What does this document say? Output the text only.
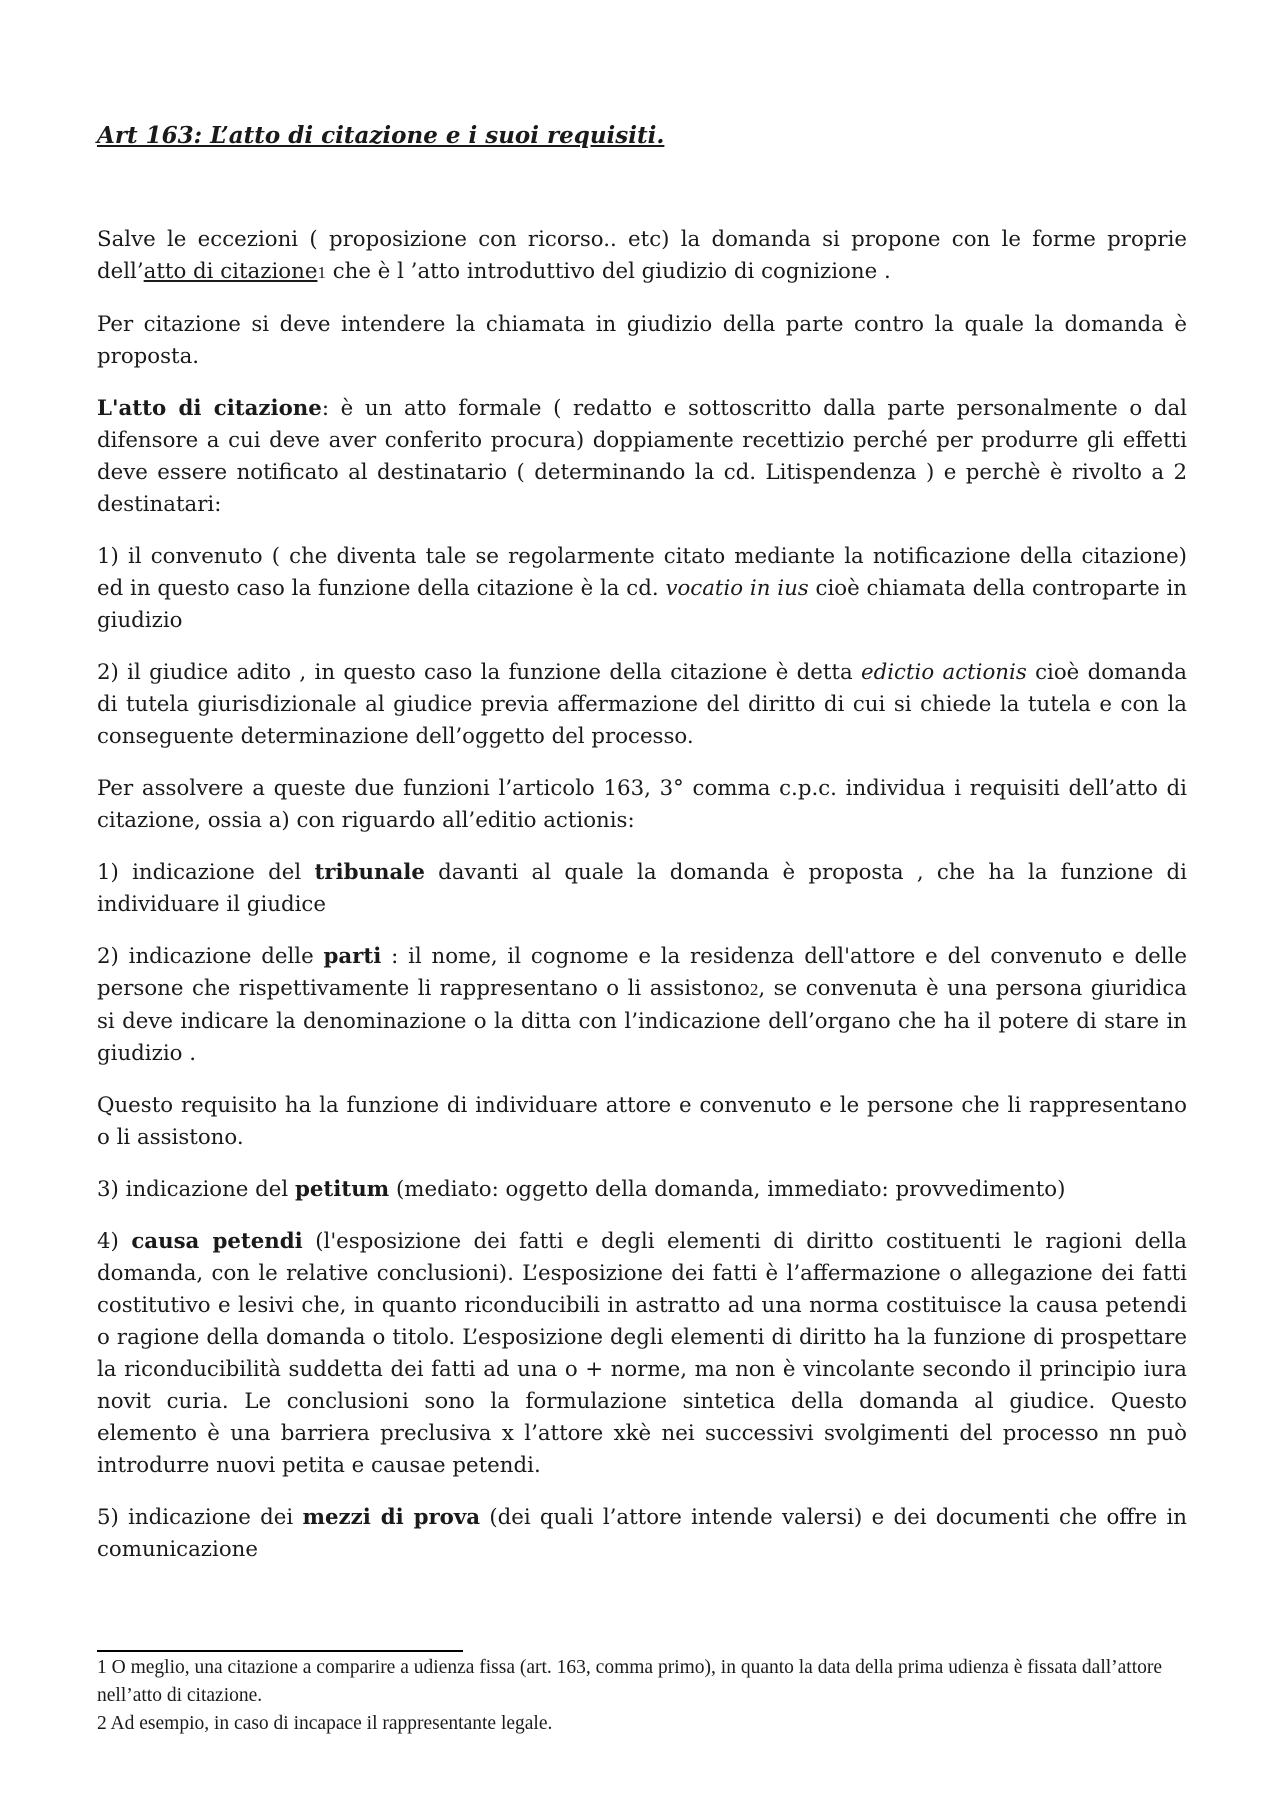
Art 163: L’atto di citazione e i suoi requisiti.

Salve le eccezioni ( proposizione con ricorso.. etc) la domanda si propone con le forme proprie dell’atto di citazione1 che è l ’atto introduttivo del giudizio di cognizione .

Per citazione si deve intendere la chiamata in giudizio della parte contro la quale la domanda è proposta.

L'atto di citazione: è un atto formale ( redatto e sottoscritto dalla parte personalmente o dal difensore a cui deve aver conferito procura) doppiamente recettizio perché per produrre gli effetti deve essere notificato al destinatario ( determinando la cd. Litispendenza ) e perchè è rivolto a 2 destinatari:

1) il convenuto ( che diventa tale se regolarmente citato mediante la notificazione della citazione) ed in questo caso la funzione della citazione è la cd. vocatio in ius cioè chiamata della controparte in giudizio

2) il giudice adito , in questo caso la funzione della citazione è detta edictio actionis cioè domanda di tutela giurisdizionale al giudice previa affermazione del diritto di cui si chiede la tutela e con la conseguente determinazione dell’oggetto del processo.

Per assolvere a queste due funzioni l’articolo 163, 3° comma c.p.c. individua i requisiti dell’atto di citazione, ossia a) con riguardo all’editio actionis:

1) indicazione del tribunale davanti al quale la domanda è proposta , che ha la funzione di individuare il giudice

2) indicazione delle parti : il nome, il cognome e la residenza dell'attore e del convenuto e delle persone che rispettivamente li rappresentano o li assistono2, se convenuta è una persona giuridica si deve indicare la denominazione o la ditta con l’indicazione dell’organo che ha il potere di stare in giudizio .

Questo requisito ha la funzione di individuare attore e convenuto e le persone che li rappresentano o li assistono.

3) indicazione del petitum (mediato: oggetto della domanda, immediato: provvedimento)

4) causa petendi (l'esposizione dei fatti e degli elementi di diritto costituenti le ragioni della domanda, con le relative conclusioni). L’esposizione dei fatti è l’affermazione o allegazione dei fatti costitutivo e lesivi che, in quanto riconducibili in astratto ad una norma costituisce la causa petendi o ragione della domanda o titolo. L’esposizione degli elementi di diritto ha la funzione di prospettare la riconducibilità suddetta dei fatti ad una o + norme, ma non è vincolante secondo il principio iura novit curia. Le conclusioni sono la formulazione sintetica della domanda al giudice. Questo elemento è una barriera preclusiva x l’attore xkè nei successivi svolgimenti del processo nn può introdurre nuovi petita e causae petendi.

5) indicazione dei mezzi di prova (dei quali l’attore intende valersi) e dei documenti che offre in comunicazione

1 O meglio, una citazione a comparire a udienza fissa (art. 163, comma primo), in quanto la data della prima udienza è fissata dall’attore nell’atto di citazione.

2 Ad esempio, in caso di incapace il rappresentante legale.
